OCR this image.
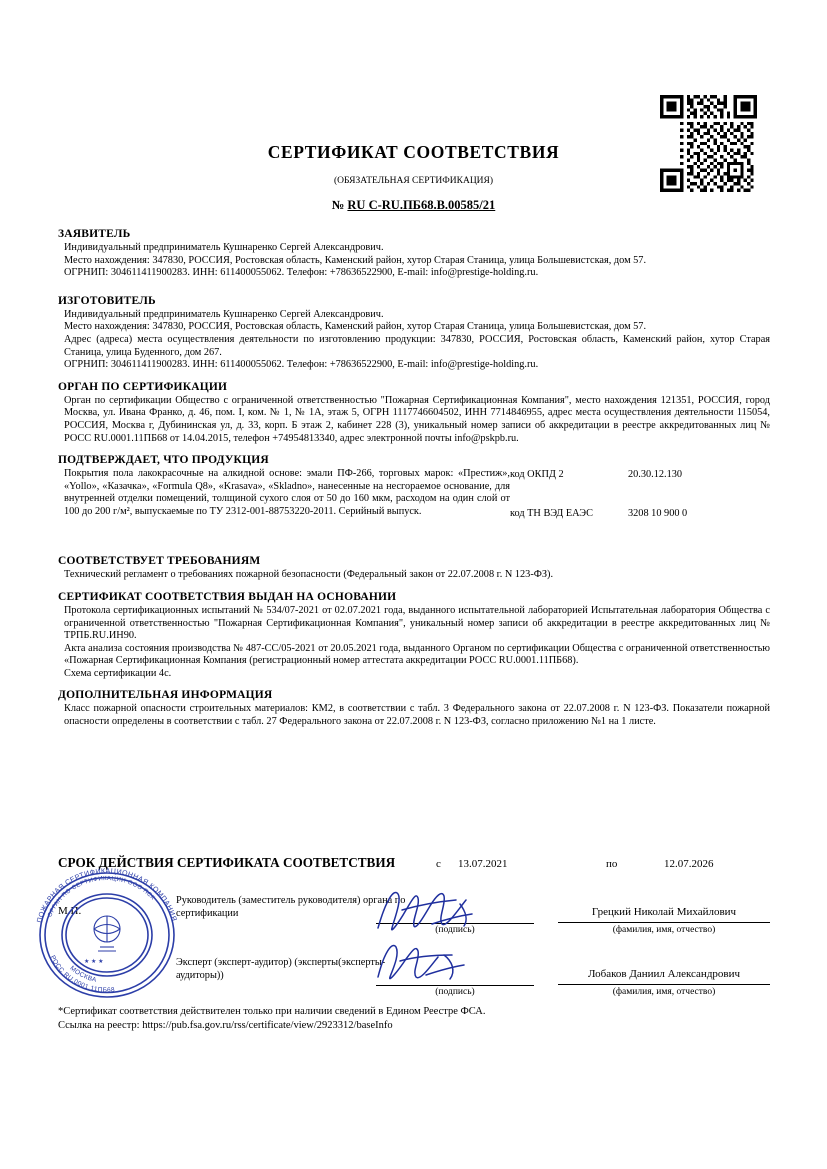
СЕРТИФИКАТ СООТВЕТСТВИЯ
(ОБЯЗАТЕЛЬНАЯ СЕРТИФИКАЦИЯ)
№ RU C-RU.ПБ68.В.00585/21
ЗАЯВИТЕЛЬ

Индивидуальный предприниматель Кушнаренко Сергей Александрович.

Место нахождения: 347830, РОССИЯ, Ростовская область, Каменский район, хутор Старая Станица, улица Большевистская, дом 57.

ОГРНИП: 304611411900283. ИНН: 611400055062. Телефон: +78636522900, E-mail: info@prestige-holding.ru.

ИЗГОТОВИТЕЛЬ

Индивидуальный предприниматель Кушнаренко Сергей Александрович.

Место нахождения: 347830, РОССИЯ, Ростовская область, Каменский район, хутор Старая Станица, улица Большевистская, дом 57.

Адрес (адреса) места осуществления деятельности по изготовлению продукции: 347830, РОССИЯ, Ростовская область, Каменский район, хутор Старая Станица, улица Буденного, дом 267.

ОГРНИП: 304611411900283. ИНН: 611400055062. Телефон: +78636522900, E-mail: info@prestige-holding.ru.

ОРГАН ПО СЕРТИФИКАЦИИ

Орган по сертификации Общество с ограниченной ответственностью "Пожарная Сертификационная Компания", место нахождения 121351, РОССИЯ, город Москва, ул. Ивана Франко, д. 46, пом. I, ком. № 1, № 1А, этаж 5, ОГРН 1117746604502, ИНН 7714846955, адрес места осуществления деятельности 115054, РОССИЯ, Москва г, Дубининская ул, д. 33, корп. Б этаж 2, кабинет 228 (3), уникальный номер записи об аккредитации в реестре аккредитованных лиц № РОСС RU.0001.11ПБ68 от 14.04.2015, телефон +74954813340, адрес электронной почты info@pskpb.ru.

ПОДТВЕРЖДАЕТ, ЧТО ПРОДУКЦИЯ

Покрытия пола лакокрасочные на алкидной основе: эмали ПФ-266, торговых марок: «Престиж», «Yollo», «Казачка», «Formula Q8», «Krasava», «Skladno», нанесенные на несгораемое основание, для внутренней отделки помещений, толщиной сухого слоя от 50 до 160 мкм, расходом на один слой от 100 до 200 г/м², выпускаемые по ТУ 2312-001-88753220-2011. Серийный выпуск.

код ОКПД 2	20.30.12.130
код ТН ВЭД ЕАЭС	3208 10 900 0
СООТВЕТСТВУЕТ ТРЕБОВАНИЯМ

Технический регламент о требованиях пожарной безопасности (Федеральный закон от 22.07.2008 г. N 123-ФЗ).

СЕРТИФИКАТ СООТВЕТСТВИЯ ВЫДАН НА ОСНОВАНИИ

Протокола сертификационных испытаний № 534/07-2021 от 02.07.2021 года, выданного испытательной лабораторией Испытательная лаборатория Общества с ограниченной ответственностью "Пожарная Сертификационная Компания", уникальный номер записи об аккредитации в реестре аккредитованных лиц № ТРПБ.RU.ИН90.

Акта анализа состояния производства № 487-СС/05-2021 от 20.05.2021 года, выданного Органом по сертификации Общества с ограниченной ответственностью «Пожарная Сертификационная Компания (регистрационный номер аттестата аккредитации РОСС RU.0001.11ПБ68).

Схема сертификации 4с.

ДОПОЛНИТЕЛЬНАЯ ИНФОРМАЦИЯ

Класс пожарной опасности строительных материалов: КМ2, в соответствии с табл. 3 Федерального закона от 22.07.2008 г. N 123-ФЗ. Показатели пожарной опасности определены в соответствии с табл. 27 Федерального закона от 22.07.2008 г. N 123-ФЗ, согласно приложению №1 на 1 листе.

СРОК ДЕЙСТВИЯ СЕРТИФИКАТА СООТВЕТСТВИЯ	с	13.07.2021	по	12.07.2026
М.П.
Руководитель (заместитель руководителя) органа по сертификации
(подпись)
Грецкий Николай Михайлович
(фамилия, имя, отчество)
Эксперт (эксперт-аудитор) (эксперты(эксперты-аудиторы))
(подпись)
Лобаков Даниил Александрович
(фамилия, имя, отчество)
*Сертификат соответствия действителен только при наличии сведений в Едином Реестре ФСА.
Ссылка на реестр: https://pub.fsa.gov.ru/rss/certificate/view/2923312/baseInfo
ПОЖАРНАЯ СЕРТИФИКАЦИОННАЯ КОМПАНИЯ
ОРГАН ПО СЕРТИФИКАЦИИ ООО ПСК
РОСС RU.0001.11ПБ68
МОСКВА
★ ★ ★
